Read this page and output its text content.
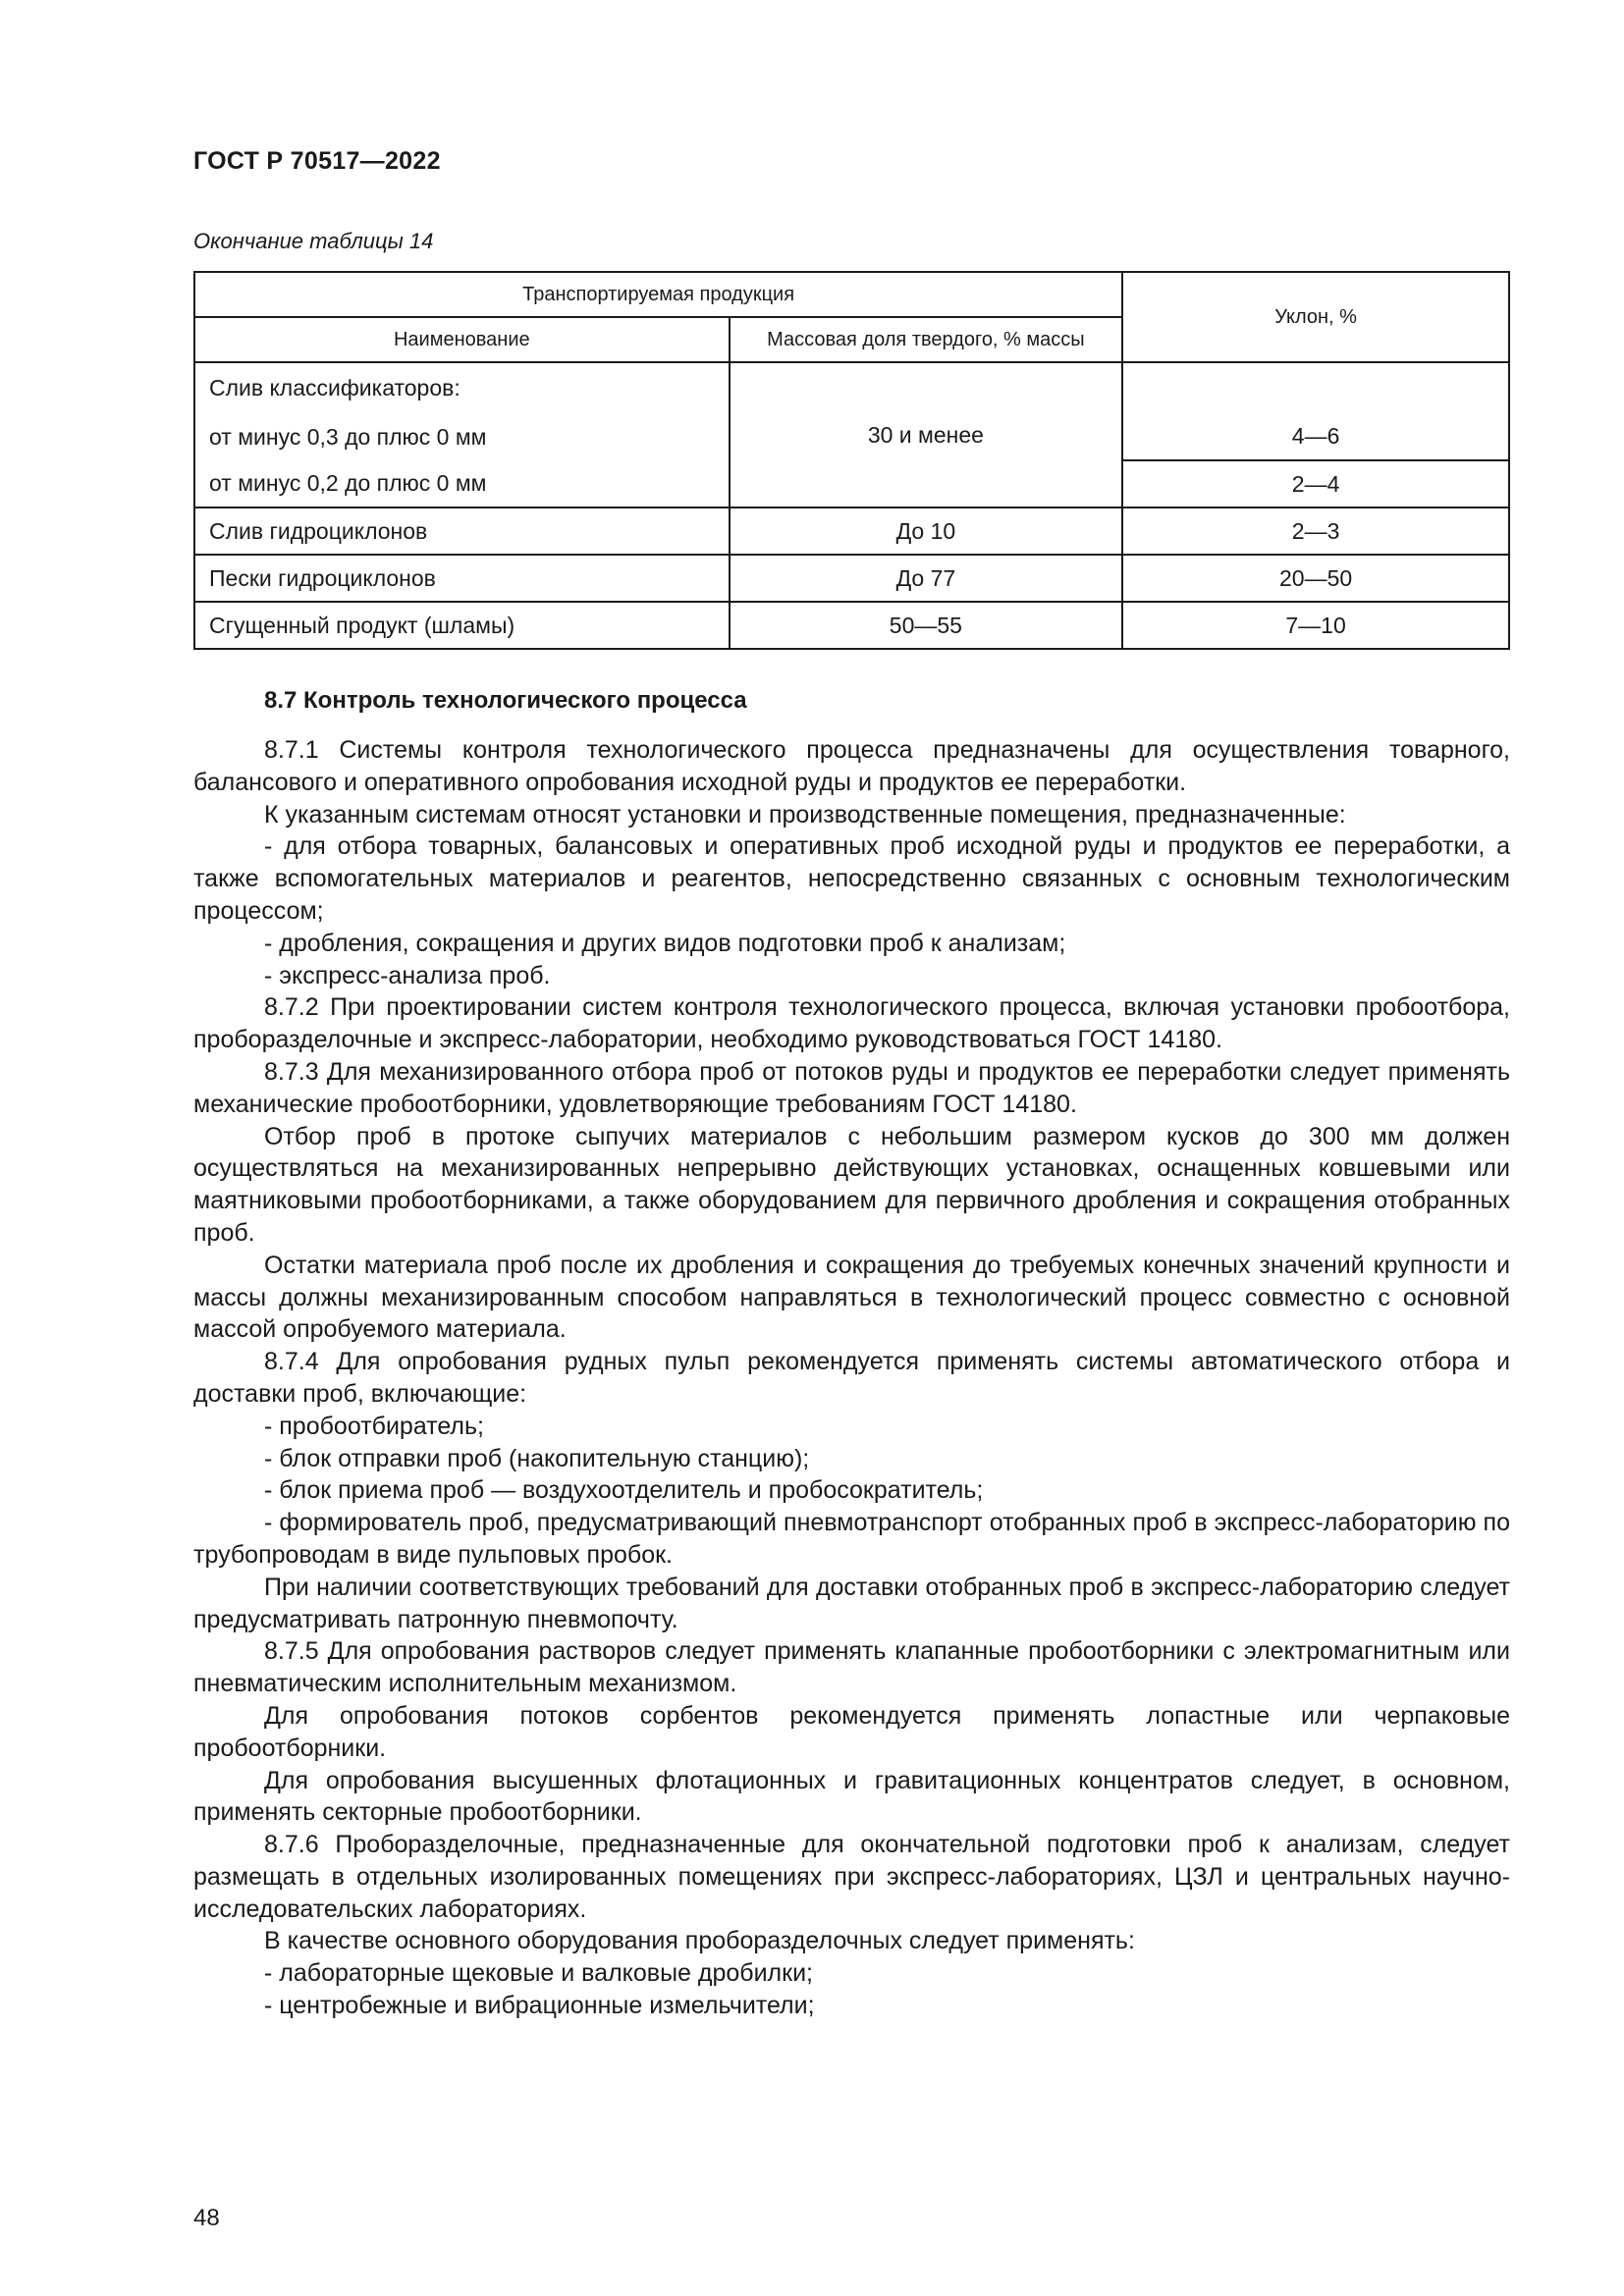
ГОСТ Р 70517—2022
Окончание таблицы 14
Транспортируемая продукция		Уклон, %
Наименование	Массовая доля твердого, % массы	
Слив классификаторов:	30 и менее	
от минус 0,3 до плюс 0 мм		4—6
от минус 0,2 до плюс 0 мм		2—4
Слив гидроциклонов	До 10	2—3
Пески гидроциклонов	До 77	20—50
Сгущенный продукт (шламы)	50—55	7—10
8.7 Контроль технологического процесса

8.7.1 Системы контроля технологического процесса предназначены для осуществления товарного, балансового и оперативного опробования исходной руды и продуктов ее переработки.

К указанным системам относят установки и производственные помещения, предназначенные:

- для отбора товарных, балансовых и оперативных проб исходной руды и продуктов ее переработки, а также вспомогательных материалов и реагентов, непосредственно связанных с основным технологическим процессом;

- дробления, сокращения и других видов подготовки проб к анализам;

- экспресс-анализа проб.

8.7.2 При проектировании систем контроля технологического процесса, включая установки пробоотбора, проборазделочные и экспресс-лаборатории, необходимо руководствоваться ГОСТ 14180.

8.7.3 Для механизированного отбора проб от потоков руды и продуктов ее переработки следует применять механические пробоотборники, удовлетворяющие требованиям ГОСТ 14180.

Отбор проб в протоке сыпучих материалов с небольшим размером кусков до 300 мм должен осуществляться на механизированных непрерывно действующих установках, оснащенных ковшевыми или маятниковыми пробоотборниками, а также оборудованием для первичного дробления и сокращения отобранных проб.

Остатки материала проб после их дробления и сокращения до требуемых конечных значений крупности и массы должны механизированным способом направляться в технологический процесс совместно с основной массой опробуемого материала.

8.7.4 Для опробования рудных пульп рекомендуется применять системы автоматического отбора и доставки проб, включающие:

- пробоотбиратель;

- блок отправки проб (накопительную станцию);

- блок приема проб — воздухоотделитель и пробосократитель;

- формирователь проб, предусматривающий пневмотранспорт отобранных проб в экспресс-лабораторию по трубопроводам в виде пульповых пробок.

При наличии соответствующих требований для доставки отобранных проб в экспресс-лабораторию следует предусматривать патронную пневмопочту.

8.7.5 Для опробования растворов следует применять клапанные пробоотборники с электромагнитным или пневматическим исполнительным механизмом.

Для опробования потоков сорбентов рекомендуется применять лопастные или черпаковые пробоотборники.

Для опробования высушенных флотационных и гравитационных концентратов следует, в основном, применять секторные пробоотборники.

8.7.6 Проборазделочные, предназначенные для окончательной подготовки проб к анализам, следует размещать в отдельных изолированных помещениях при экспресс-лабораториях, ЦЗЛ и центральных научно-исследовательских лабораториях.

В качестве основного оборудования проборазделочных следует применять:

- лабораторные щековые и валковые дробилки;

- центробежные и вибрационные измельчители;

48
